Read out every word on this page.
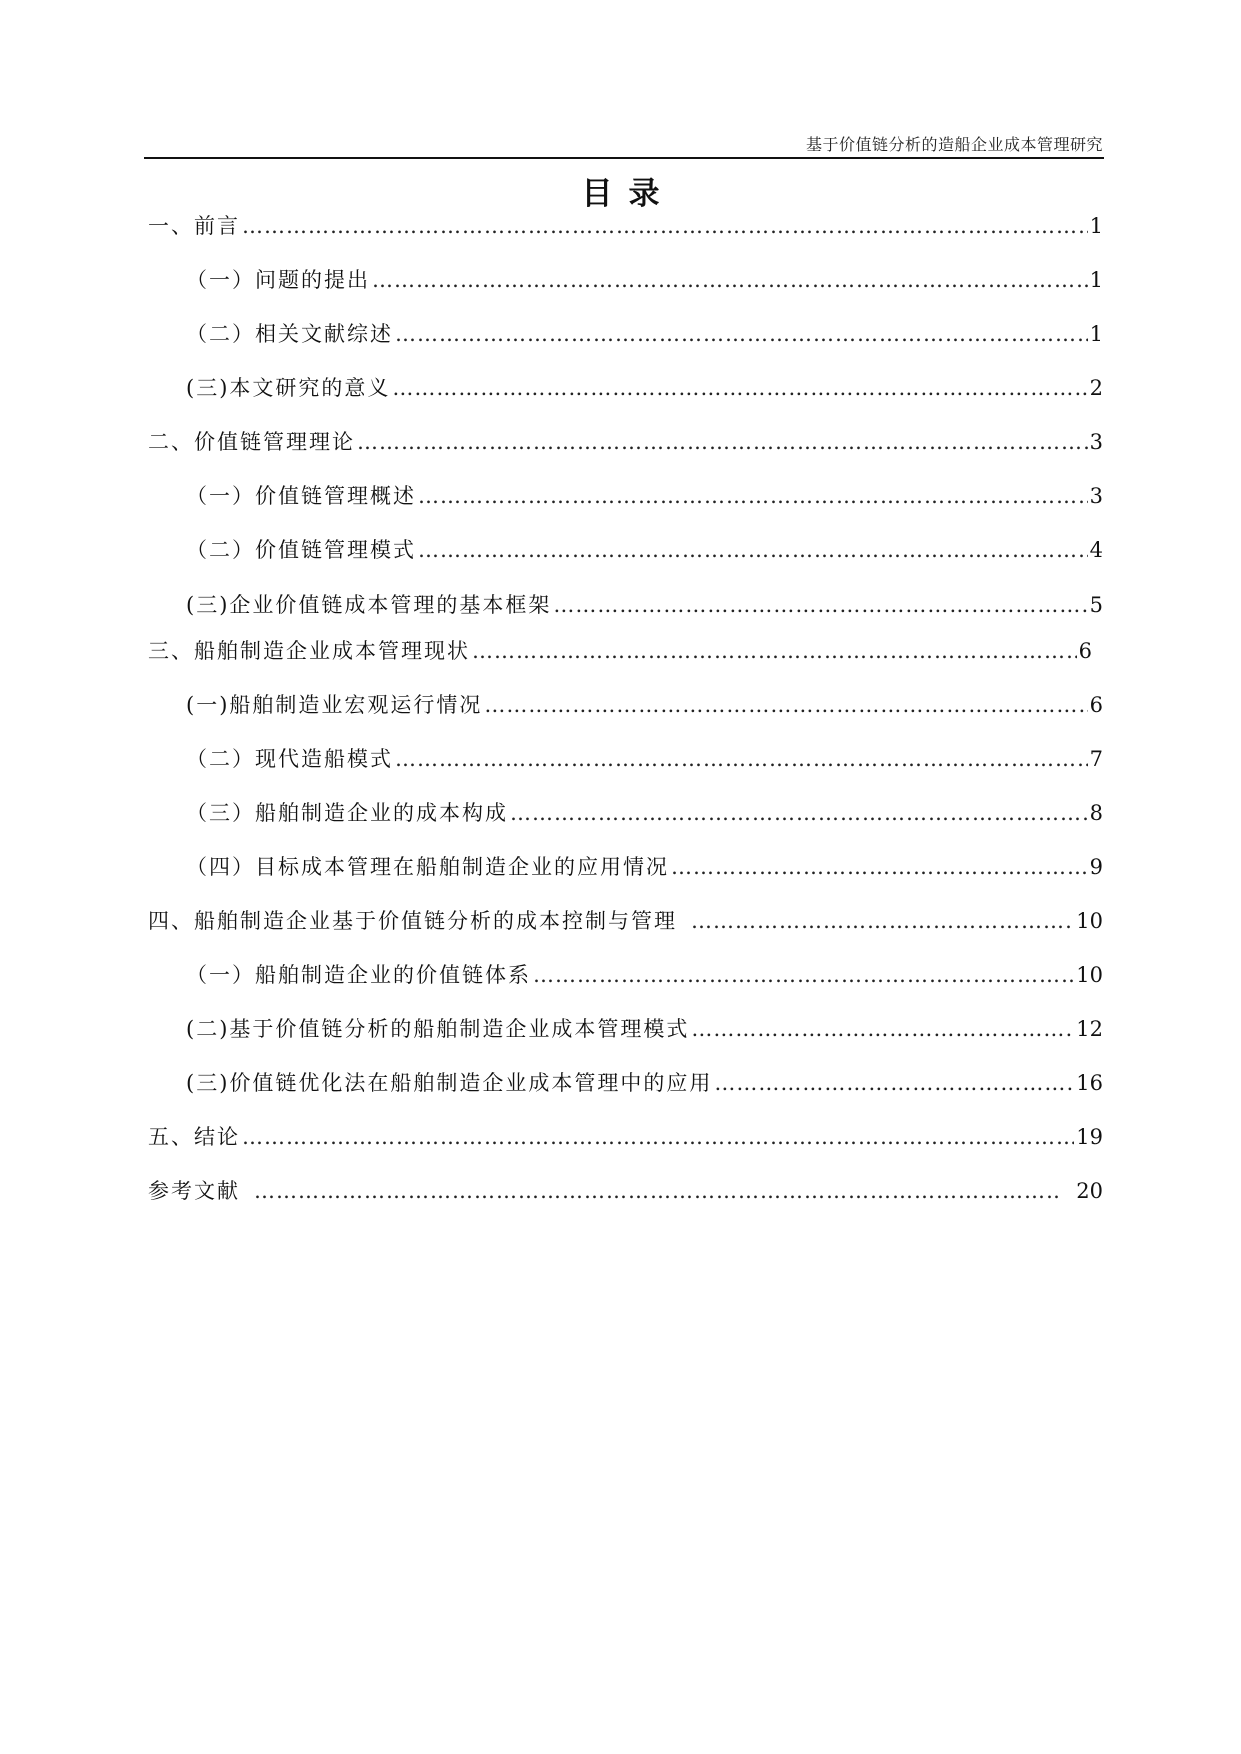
基于价值链分析的造船企业成本管理研究
目录
一、前言 ……………………………………………………………………………………………………………………………………………………………………………………………………………………………………	1
（一）问题的提出 ……………………………………………………………………………………………………………………………………………………………………………………………………………………………………	1
（二）相关文献综述 ……………………………………………………………………………………………………………………………………………………………………………………………………………………………………	1
(三)本文研究的意义 ……………………………………………………………………………………………………………………………………………………………………………………………………………………………………	2
二、价值链管理理论 ……………………………………………………………………………………………………………………………………………………………………………………………………………………………………	3
（一）价值链管理概述 ……………………………………………………………………………………………………………………………………………………………………………………………………………………………………	3
（二）价值链管理模式 ……………………………………………………………………………………………………………………………………………………………………………………………………………………………………	4
(三)企业价值链成本管理的基本框架 ……………………………………………………………………………………………………………………………………………………………………………………………………………………………………	5
三、船舶制造企业成本管理现状 ……………………………………………………………………………………………………………………………………………………………………………………………………………………………………	6
(一)船舶制造业宏观运行情况 ……………………………………………………………………………………………………………………………………………………………………………………………………………………………………	6
（二）现代造船模式 ……………………………………………………………………………………………………………………………………………………………………………………………………………………………………	7
（三）船舶制造企业的成本构成 ……………………………………………………………………………………………………………………………………………………………………………………………………………………………………	8
（四）目标成本管理在船舶制造企业的应用情况 ……………………………………………………………………………………………………………………………………………………………………………………………………………………………………	9
四、船舶制造企业基于价值链分析的成本控制与管理 ……………………………………………………………………………………………………………………………………………………………………………………………………………………………………	10
（一）船舶制造企业的价值链体系 ……………………………………………………………………………………………………………………………………………………………………………………………………………………………………	10
(二)基于价值链分析的船舶制造企业成本管理模式 ……………………………………………………………………………………………………………………………………………………………………………………………………………………………………	12
(三)价值链优化法在船舶制造企业成本管理中的应用 ……………………………………………………………………………………………………………………………………………………………………………………………………………………………………	16
五、结论 ……………………………………………………………………………………………………………………………………………………………………………………………………………………………………	19
参考文献 ……………………………………………………………………………………………………………………………………………………………………………………………………………………………………	20
